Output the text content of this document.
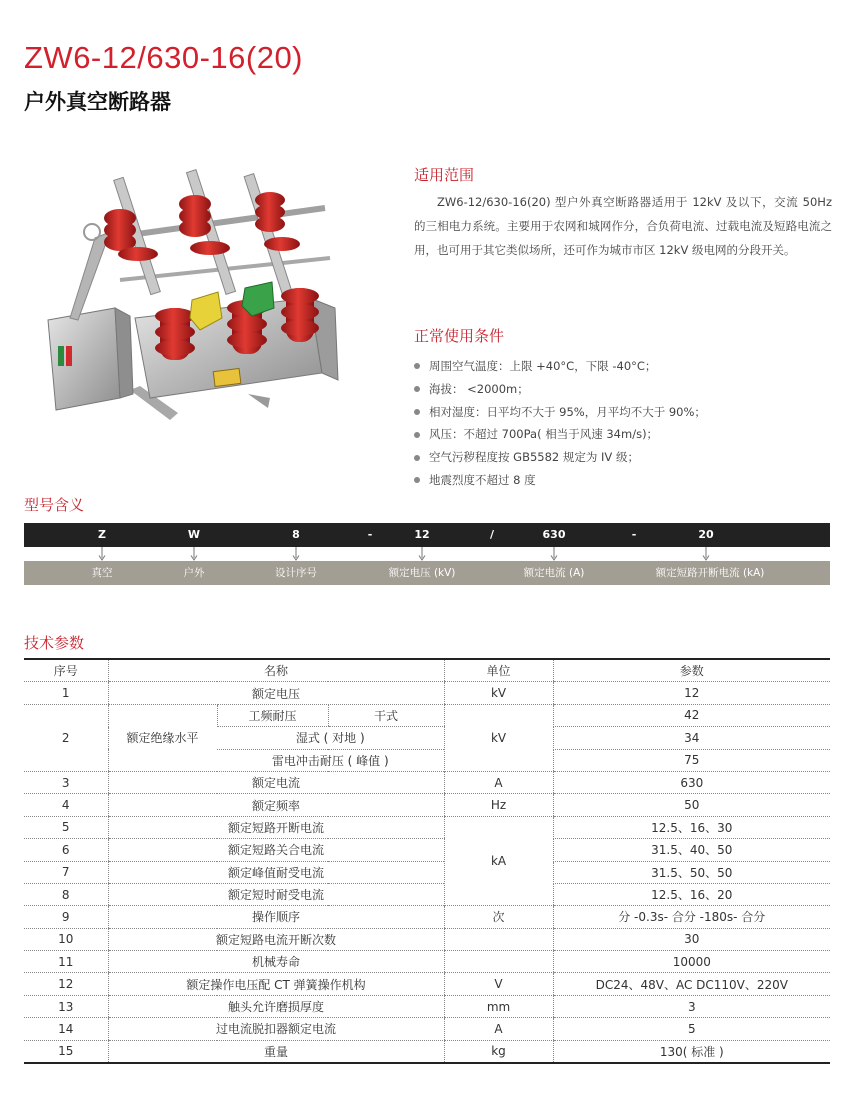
ZW6-12/630-16(20)
户外真空断路器
适用范围
ZW6-12/630-16(20) 型户外真空断路器适用于 12kV 及以下，交流 50Hz 的三相电力系统。主要用于农网和城网作分，合负荷电流、过载电流及短路电流之用，也可用于其它类似场所，还可作为城市市区 12kV 级电网的分段开关。
正常使用条件
周围空气温度：上限 +40°C，下限 -40°C；
海拔： <2000m；
相对湿度：日平均不大于 95%，月平均不大于 90%；
风压：不超过 700Pa( 相当于风速 34m/s)；
空气污秽程度按 GB5582 规定为 IV 级；
地震烈度不超过 8 度
型号含义
Z	W	8	-	12	/	630	-	20
真空	户外	设计序号	额定电压 (kV)	额定电流 (A)	额定短路开断电流 (kA)
技术参数
序号	名称			单位	参数
1	额定电压			kV	12
2	额定绝缘水平	工频耐压	干式	kV	42
		湿式 ( 对地 )			34
		雷电冲击耐压 ( 峰值 )			75
3	额定电流			A	630
4	额定频率			Hz	50
5	额定短路开断电流			kA	12.5、16、30
6	额定短路关合电流				31.5、40、50
7	额定峰值耐受电流				31.5、50、50
8	额定短时耐受电流				12.5、16、20
9	操作顺序			次	分 -0.3s- 合分 -180s- 合分
10	额定短路电流开断次数				30
11	机械寿命				10000
12	额定操作电压配 CT 弹簧操作机构			V	DC24、48V、AC DC110V、220V
13	触头允许磨损厚度			mm	3
14	过电流脱扣器额定电流			A	5
15	重量			kg	130( 标准 )
